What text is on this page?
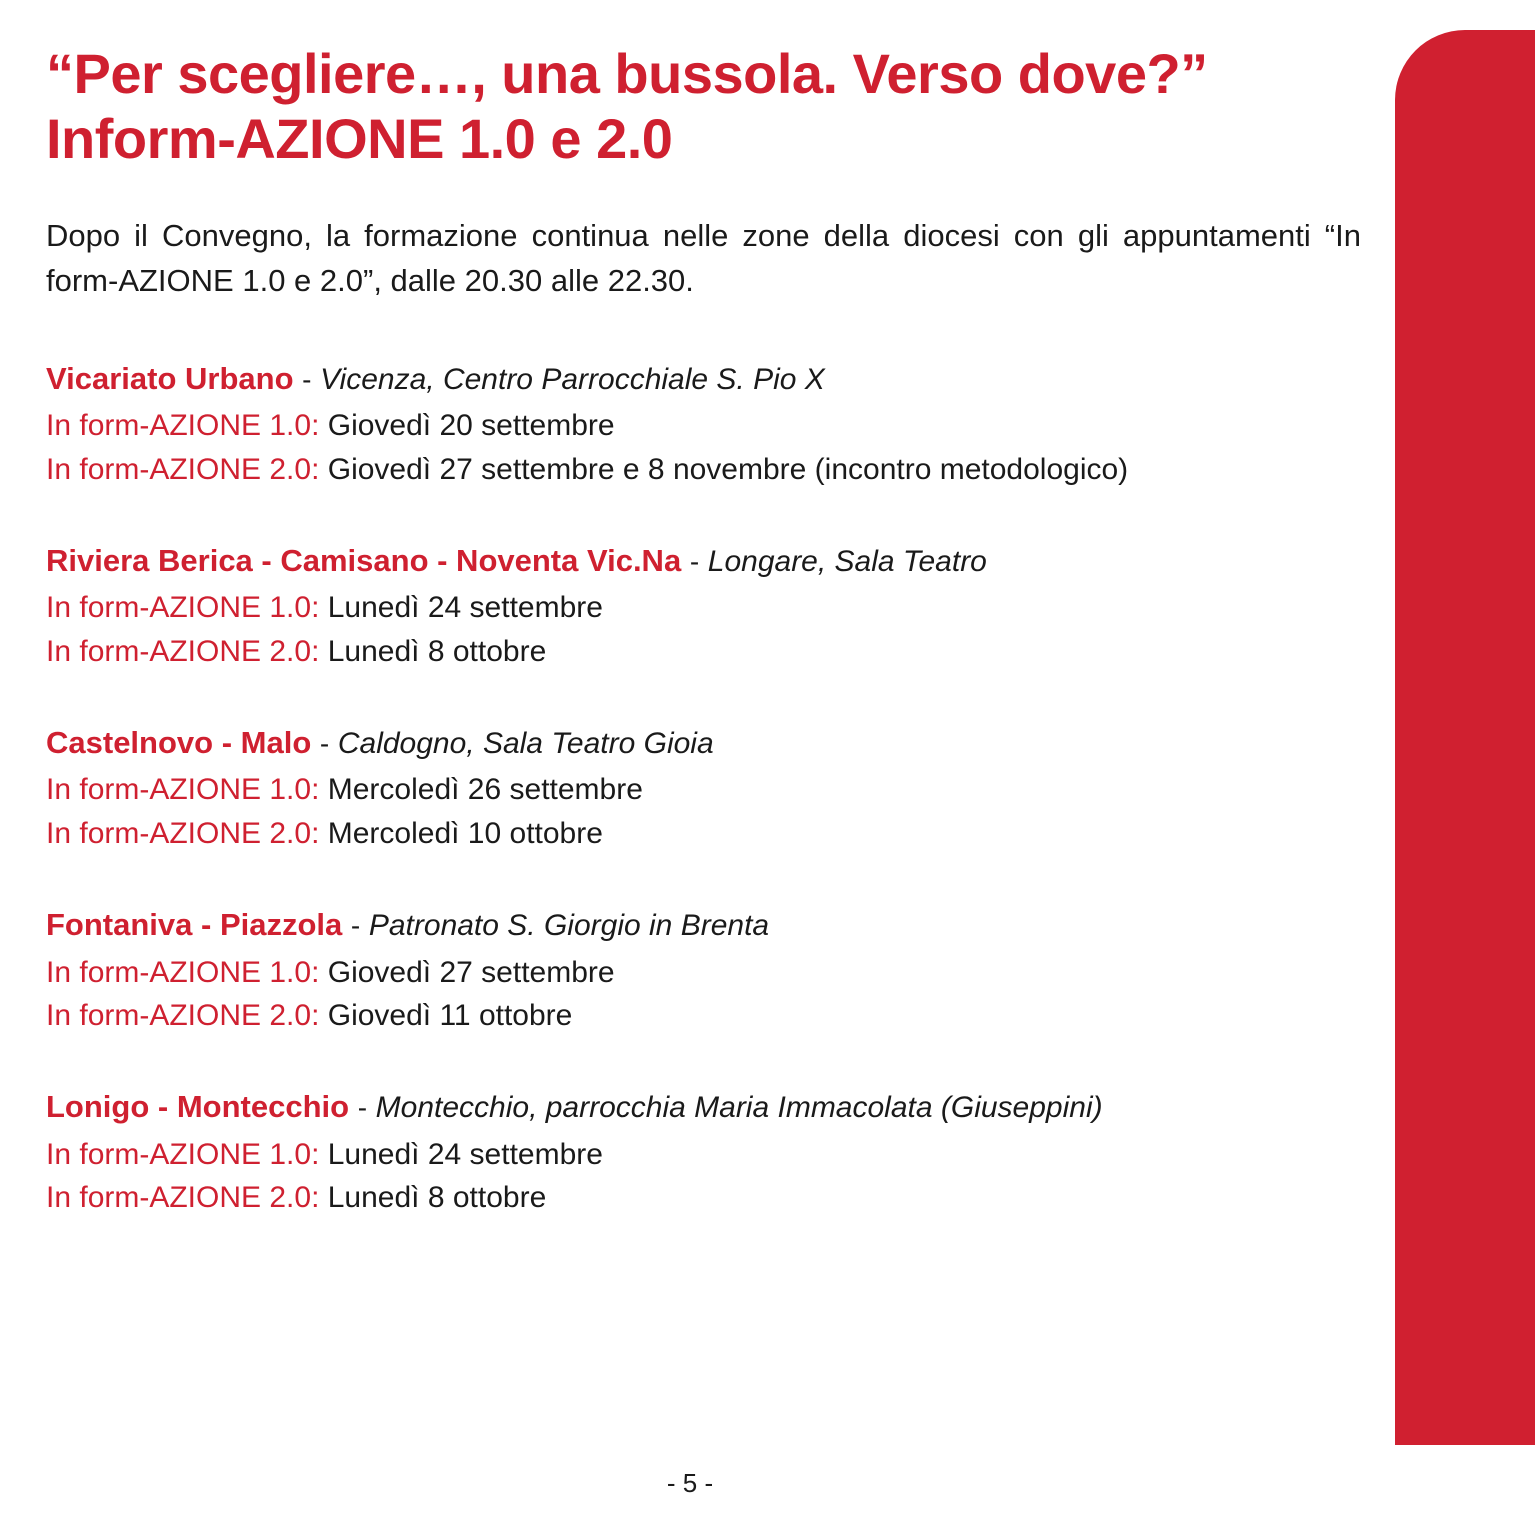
“Per scegliere…, una bussola. Verso dove?”
Inform-AZIONE 1.0 e 2.0

Dopo il Convegno, la formazione continua nelle zone della diocesi con gli appuntamenti “In form-AZIONE 1.0 e 2.0”, dalle 20.30 alle 22.30.

Vicariato Urbano - Vicenza, Centro Parrocchiale S. Pio X
In form-AZIONE 1.0: Giovedì 20 settembre
In form-AZIONE 2.0: Giovedì 27 settembre e 8 novembre (incontro metodologico)
Riviera Berica - Camisano - Noventa Vic.Na - Longare, Sala Teatro
In form-AZIONE 1.0: Lunedì 24 settembre
In form-AZIONE 2.0: Lunedì 8 ottobre
Castelnovo - Malo - Caldogno, Sala Teatro Gioia
In form-AZIONE 1.0: Mercoledì 26 settembre
In form-AZIONE 2.0: Mercoledì 10 ottobre
Fontaniva - Piazzola - Patronato S. Giorgio in Brenta
In form-AZIONE 1.0: Giovedì 27 settembre
In form-AZIONE 2.0: Giovedì 11 ottobre
Lonigo - Montecchio - Montecchio, parrocchia Maria Immacolata (Giuseppini)
In form-AZIONE 1.0: Lunedì 24 settembre
In form-AZIONE 2.0: Lunedì 8 ottobre
- 5 -
